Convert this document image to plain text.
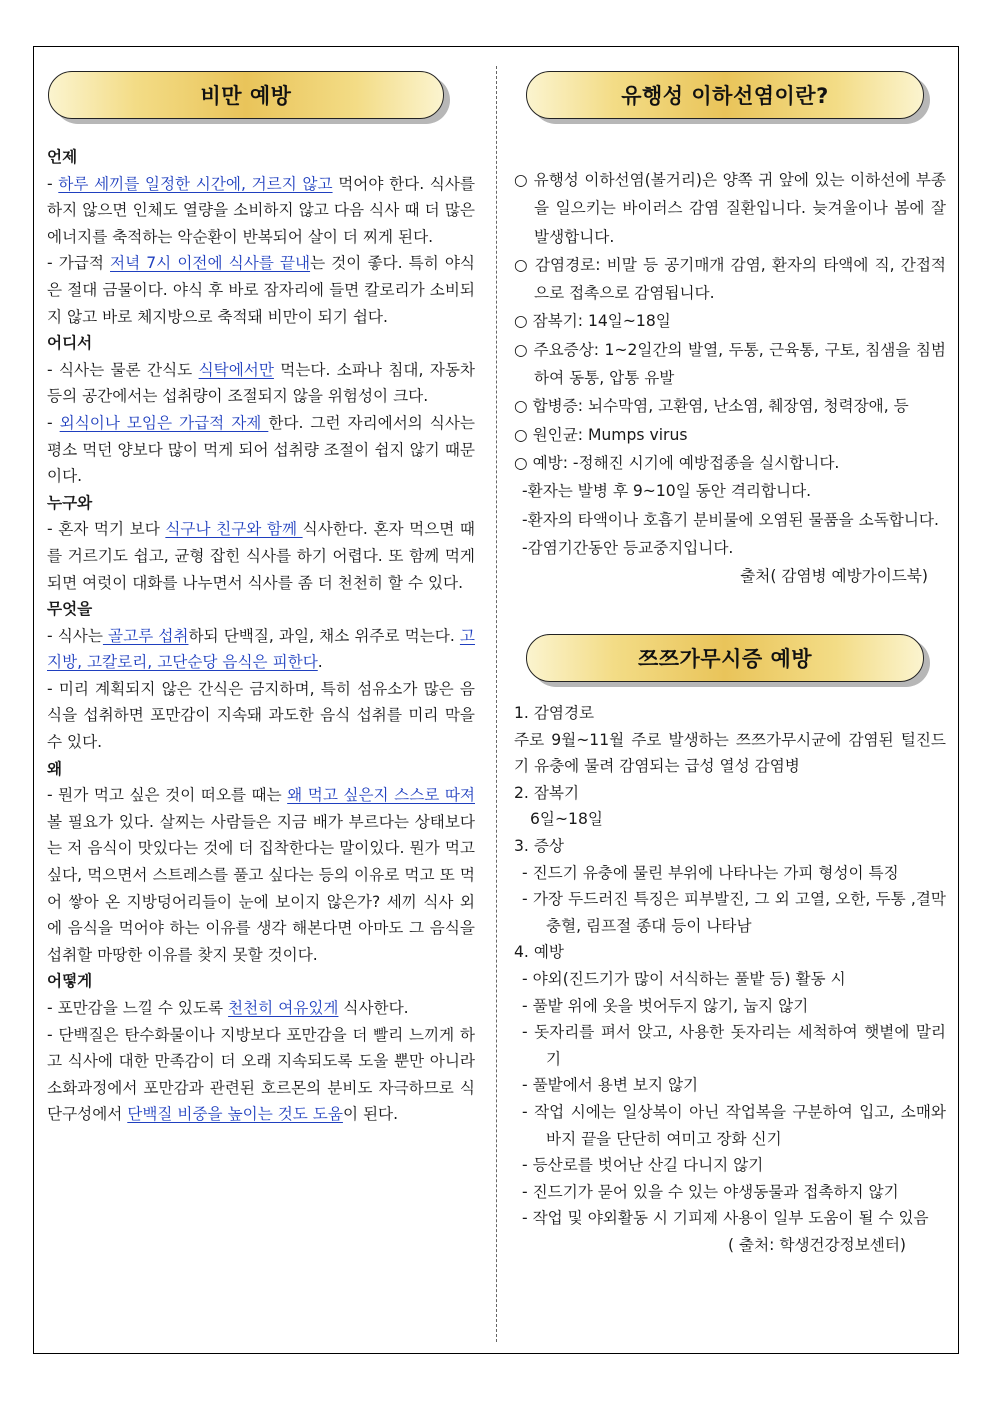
비만 예방	유행성 이하선염이란?
쯔쯔가무시증 예방

언제

- 하루 세끼를 일정한 시간에, 거르지 않고 먹어야 한다. 식사를 하지 않으면 인체도 열량을 소비하지 않고 다음 식사 때 더 많은 에너지를 축적하는 악순환이 반복되어 살이 더 찌게 된다.

- 가급적 저녁 7시 이전에 식사를 끝내는 것이 좋다. 특히 야식은 절대 금물이다. 야식 후 바로 잠자리에 들면 칼로리가 소비되지 않고 바로 체지방으로 축적돼 비만이 되기 쉽다.

어디서

- 식사는 물론 간식도 식탁에서만 먹는다. 소파나 침대, 자동차 등의 공간에서는 섭취량이 조절되지 않을 위험성이 크다.

- 외식이나 모임은 가급적 자제 한다. 그런 자리에서의 식사는 평소 먹던 양보다 많이 먹게 되어 섭취량 조절이 쉽지 않기 때문이다.

누구와

- 혼자 먹기 보다 식구나 친구와 함께 식사한다. 혼자 먹으면 때를 거르기도 쉽고, 균형 잡힌 식사를 하기 어렵다. 또 함께 먹게 되면 여럿이 대화를 나누면서 식사를 좀 더 천천히 할 수 있다.

무엇을

- 식사는 골고루 섭취하되 단백질, 과일, 채소 위주로 먹는다. 고지방, 고칼로리, 고단순당 음식은 피한다.

- 미리 계획되지 않은 간식은 금지하며, 특히 섬유소가 많은 음식을 섭취하면 포만감이 지속돼 과도한 음식 섭취를 미리 막을 수 있다.

왜

- 뭔가 먹고 싶은 것이 떠오를 때는 왜 먹고 싶은지 스스로 따져 볼 필요가 있다. 살찌는 사람들은 지금 배가 부르다는 상태보다는 저 음식이 맛있다는 것에 더 집착한다는 말이있다. 뭔가 먹고 싶다, 먹으면서 스트레스를 풀고 싶다는 등의 이유로 먹고 또 먹어 쌓아 온 지방덩어리들이 눈에 보이지 않은가? 세끼 식사 외에 음식을 먹어야 하는 이유를 생각 해본다면 아마도 그 음식을 섭취할 마땅한 이유를 찾지 못할 것이다.

어떻게

- 포만감을 느낄 수 있도록 천천히 여유있게 식사한다.

- 단백질은 탄수화물이나 지방보다 포만감을 더 빨리 느끼게 하고 식사에 대한 만족감이 더 오래 지속되도록 도울 뿐만 아니라 소화과정에서 포만감과 관련된 호르몬의 분비도 자극하므로 식단구성에서 단백질 비중을 높이는 것도 도움이 된다.

○ 유행성 이하선염(볼거리)은 양쪽 귀 앞에 있는 이하선에 부종을 일으키는 바이러스 감염 질환입니다. 늦겨울이나 봄에 잘 발생합니다.

○ 감염경로: 비말 등 공기매개 감염, 환자의 타액에 직, 간접적으로 접촉으로 감염됩니다.

○ 잠복기: 14일~18일

○ 주요증상: 1~2일간의 발열, 두통, 근육통, 구토, 침샘을 침범하여 동통, 압통 유발

○ 합병증: 뇌수막염, 고환염, 난소염, 췌장염, 청력장애, 등

○ 원인균: Mumps virus

○ 예방: -정해진 시기에 예방접종을 실시합니다.

-환자는 발병 후 9~10일 동안 격리합니다.

-환자의 타액이나 호흡기 분비물에 오염된 물품을 소독합니다.

-감염기간동안 등교중지입니다.

출처( 감염병 예방가이드북)

1. 감염경로

주로 9월~11월 주로 발생하는 쯔쯔가무시균에 감염된 털진드기 유충에 물려 감염되는 급성 열성 감염병

2. 잠복기

6일~18일

3. 증상

- 진드기 유충에 물린 부위에 나타나는 가피 형성이 특징

- 가장 두드러진 특징은 피부발진, 그 외 고열, 오한, 두통 ,결막 충혈, 림프절 종대 등이 나타남

4. 예방

- 야외(진드기가 많이 서식하는 풀밭 등) 활동 시

- 풀밭 위에 옷을 벗어두지 않기, 눕지 않기

- 돗자리를 펴서 앉고, 사용한 돗자리는 세척하여 햇볕에 말리기

- 풀밭에서 용변 보지 않기

- 작업 시에는 일상복이 아닌 작업복을 구분하여 입고, 소매와 바지 끝을 단단히 여미고 장화 신기

- 등산로를 벗어난 산길 다니지 않기

- 진드기가 묻어 있을 수 있는 야생동물과 접촉하지 않기

- 작업 및 야외활동 시 기피제 사용이 일부 도움이 될 수 있음

( 출처: 학생건강정보센터)
